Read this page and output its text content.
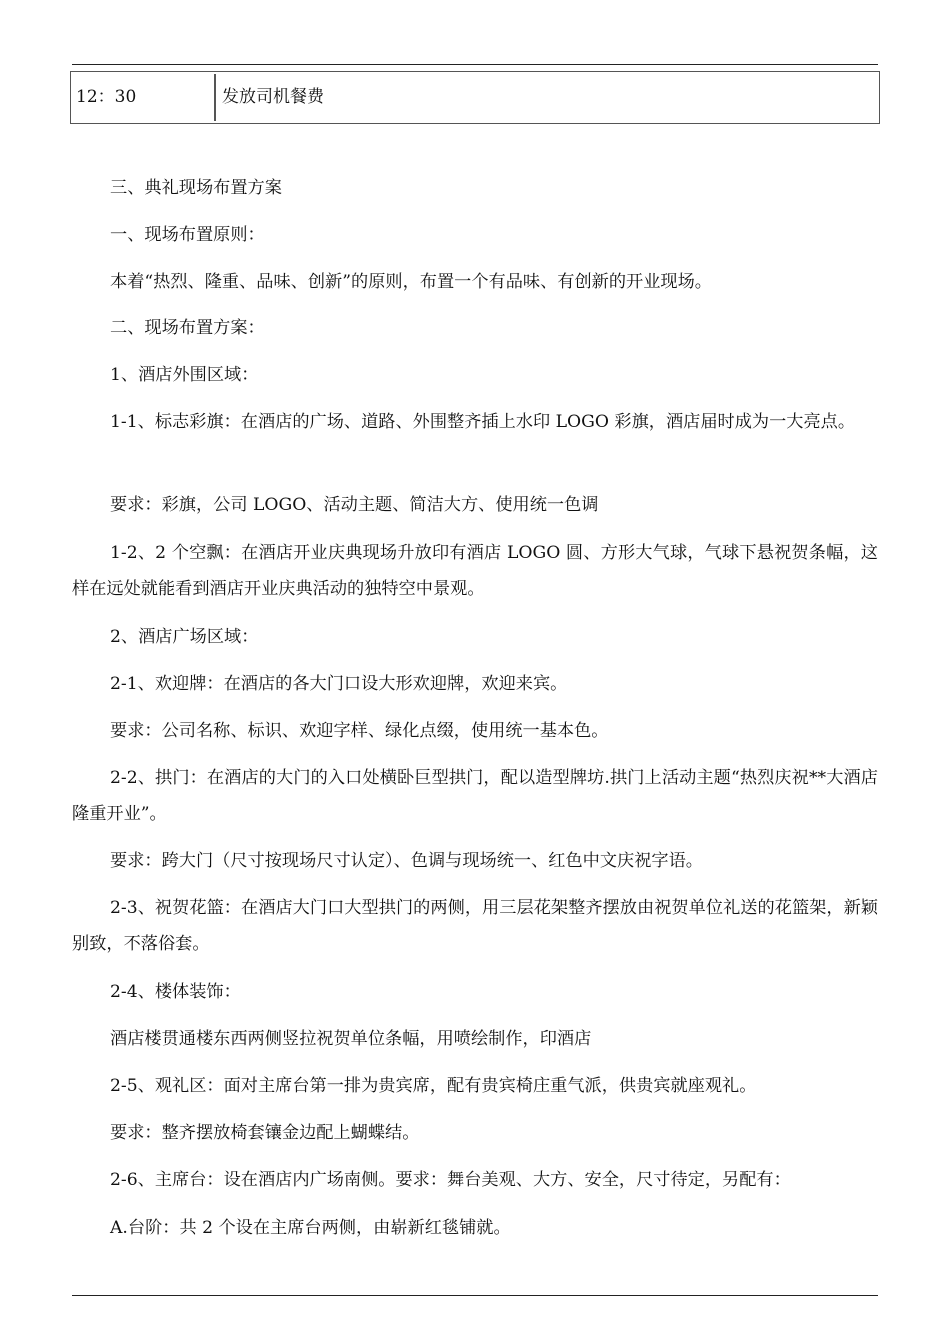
12：30	发放司机餐费

三、典礼现场布置方案

一、现场布置原则：

本着“热烈、隆重、品味、创新”的原则，布置一个有品味、有创新的开业现场。

二、现场布置方案：

1、酒店外围区域：

1-1、标志彩旗：在酒店的广场、道路、外围整齐插上水印 LOGO 彩旗，酒店届时成为一大亮点。

要求：彩旗，公司 LOGO、活动主题、简洁大方、使用统一色调

1-2、2 个空飘：在酒店开业庆典现场升放印有酒店 LOGO 圆、方形大气球，气球下悬祝贺条幅，这样在远处就能看到酒店开业庆典活动的独特空中景观。

2、酒店广场区域：

2-1、欢迎牌：在酒店的各大门口设大形欢迎牌，欢迎来宾。

要求：公司名称、标识、欢迎字样、绿化点缀，使用统一基本色。

2-2、拱门：在酒店的大门的入口处横卧巨型拱门，配以造型牌坊.拱门上活动主题“热烈庆祝**大酒店隆重开业”。

要求：跨大门（尺寸按现场尺寸认定）、色调与现场统一、红色中文庆祝字语。

2-3、祝贺花篮：在酒店大门口大型拱门的两侧，用三层花架整齐摆放由祝贺单位礼送的花篮架，新颖别致，不落俗套。

2-4、楼体装饰：

酒店楼贯通楼东西两侧竖拉祝贺单位条幅，用喷绘制作，印酒店

2-5、观礼区：面对主席台第一排为贵宾席，配有贵宾椅庄重气派，供贵宾就座观礼。

要求：整齐摆放椅套镶金边配上蝴蝶结。

2-6、主席台：设在酒店内广场南侧。要求：舞台美观、大方、安全，尺寸待定，另配有：

A.台阶：共 2 个设在主席台两侧，由崭新红毯铺就。
